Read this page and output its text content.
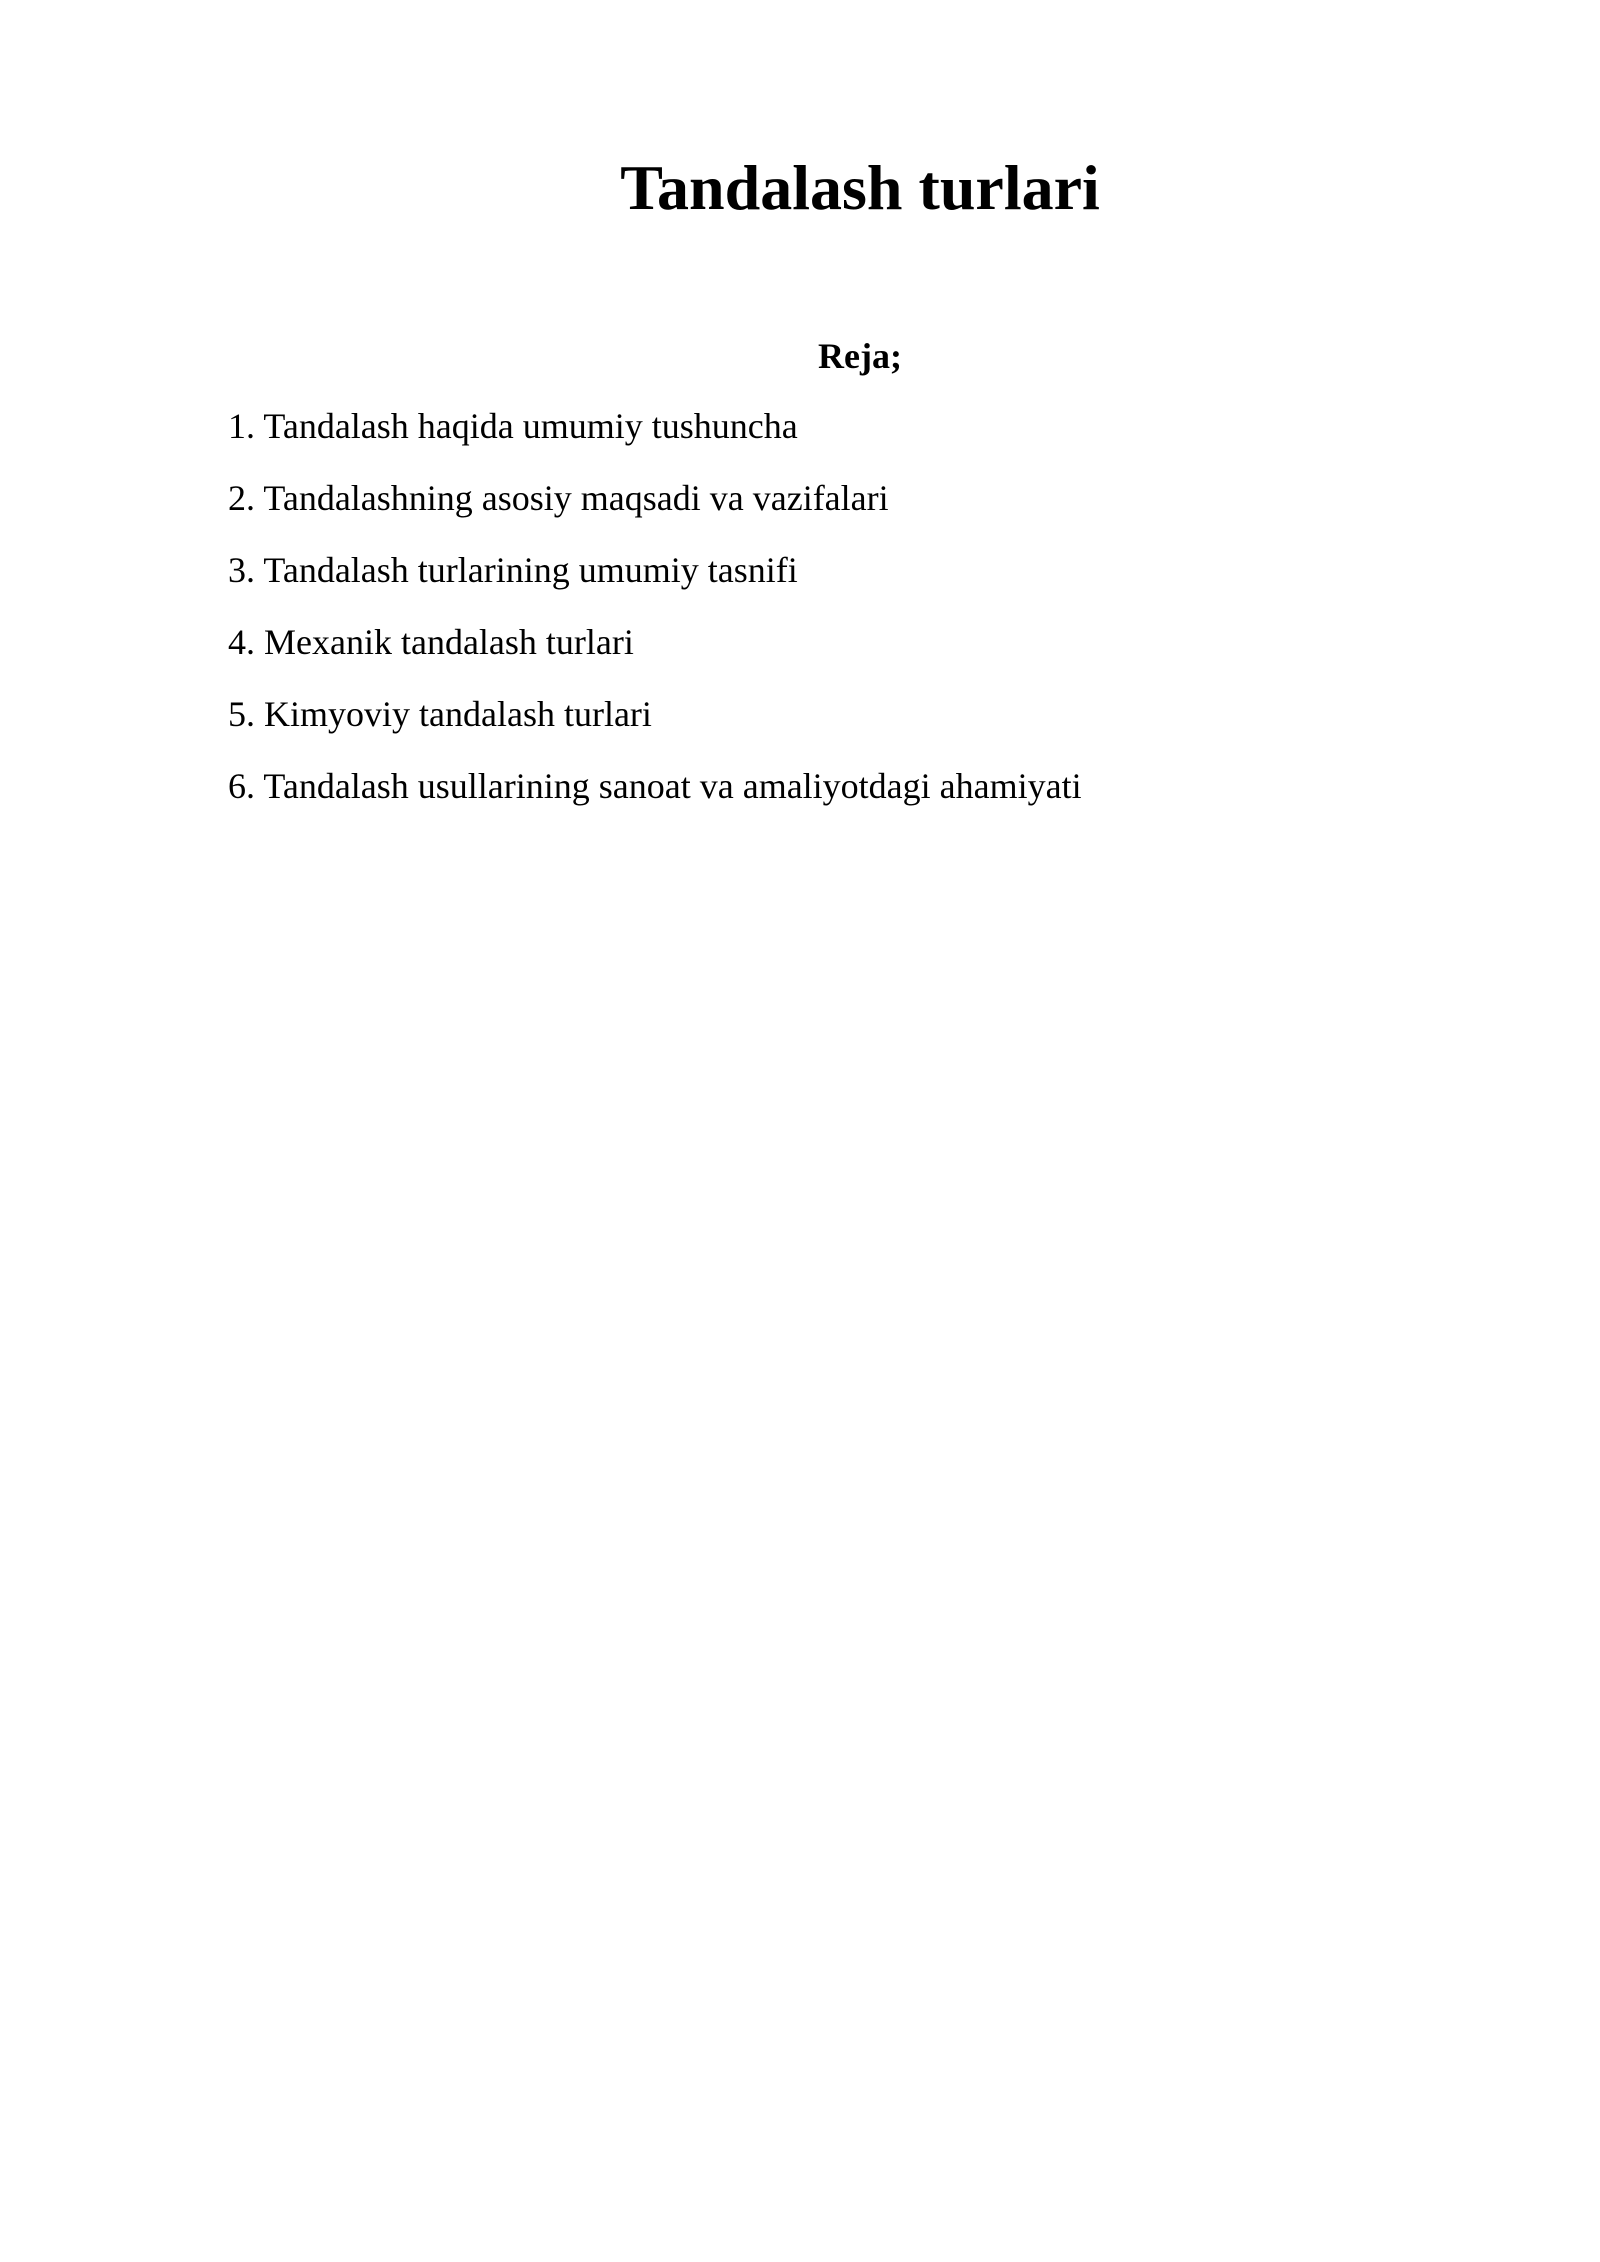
Tandalash turlari
Reja;
1. Tandalash haqida umumiy tushuncha
2. Tandalashning asosiy maqsadi va vazifalari
3. Tandalash turlarining umumiy tasnifi
4. Mexanik tandalash turlari
5. Kimyoviy tandalash turlari
6. Tandalash usullarining sanoat va amaliyotdagi ahamiyati
